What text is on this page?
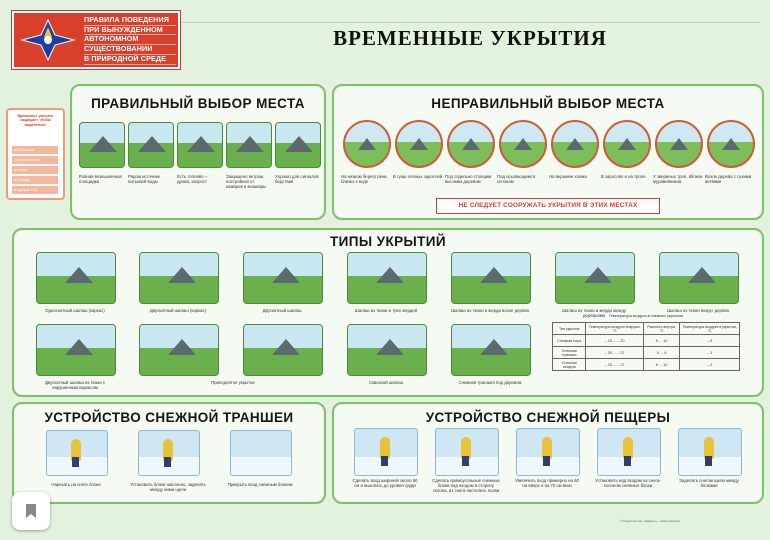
ПРАВИЛА ПОВЕДЕНИЯ
ПРИ ВЫНУЖДЕННОМ
АВТОНОМНОМ
СУЩЕСТВОВАНИИ
В ПРИРОДНОЙ СРЕДЕ
ВРЕМЕННЫЕ УКРЫТИЯ
Временное укрытие защищает, чтобы защититься:
от источника
от ветра/стихии
от влаги
от холода
от ударов и пр.
ПРАВИЛЬНЫЙ ВЫБОР МЕСТА
Ровная возвышенная площадка
Рядом источник питьевой воды
Есть топливо – дрова, хворост
Защищено ветром, постройкой от комаров и мошкары
Хорошо для сигналов бедствия
НЕПРАВИЛЬНЫЙ ВЫБОР МЕСТА
На низком берегу реки, близко к воде
В гуще лесных зарослей Под отдельно стоящим высоким деревом
Под осыпающимся склоном
На вершине холма	В зарослях и на тропе	У звериных троп, вблизи муравейников
Возле дерева с сухими ветвями
НЕ СЛЕДУЕТ СООРУЖАТЬ УКРЫТИЯ В ЭТИХ МЕСТАХ
ТИПЫ УКРЫТИЙ
Односкатный шалаш (каркас)	Двускатный шалаш (каркас)	Двускатный шалаш	Шалаш из ткани и трех жердей	Шалаш из ткани и жерди возле дерева	Шалаш из ткани и жерди между деревьями
Шалаш из ткани вокруг дерева
Двускатный шалаш из ткани с нарушенным каркасом
Приподнятое укрытие	Сквозной шалаш	Снежная траншея под деревом
Температура воздуха в снежных укрытиях
Тип укрытия	Температура воздуха снаружи, °С	Разность внутри, °С	Температура воздуха в укрытии, °С
Снежная нора	– 15 … – 20	5 … 10	– 5
Снежная траншея	– 25 … – 27	5 … 8	– 3
Снежная пещера	– 25 … – 27	8 … 10	– 2
УСТРОЙСТВО СНЕЖНОЙ ТРАНШЕИ
Нарезать на снеге блоки	Установить блоки наклонно, заделать между ними щели
Прикрыть вход снежным блоком
УСТРОЙСТВО СНЕЖНОЙ ПЕЩЕРЫ
Сделать вход шириной около 50 см и выкопать до уровня груди
Сделать прямоугольные снежные блоки над входом в сторону склона, из снега настелить полки
Увеличить вход примерно на 60 см вверх и на 70 см вниз
Установить над входом из снега-склоном снежные блоки
Заделать снегом щели между блоками
© Издательство «Эдмарт» – www.edmart.ru
